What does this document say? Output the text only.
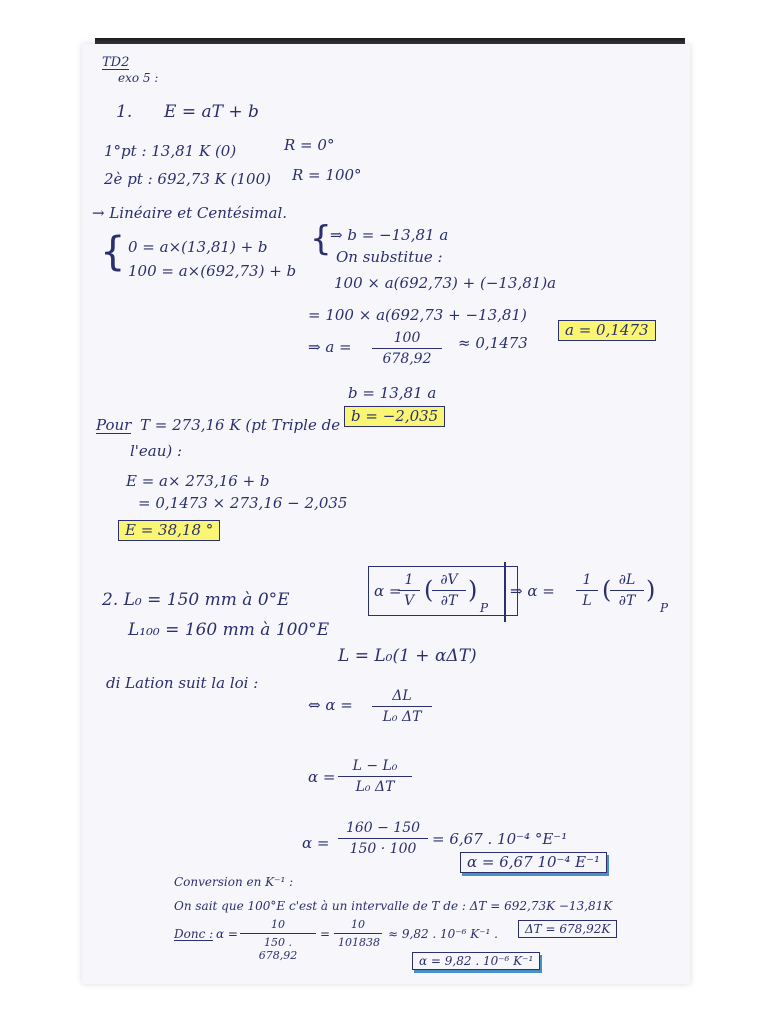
TD2
exo 5 :
1. E = aT + b
1°pt : 13,81 K (0)	R = 0°
2è pt : 692,73 K (100) R = 100°
→ Linéaire et Centésimal.
{ 0 = a×(13,81) + b
100 = a×(692,73) + b
{
⇒ b = −13,81 a
On substitue :
100 × a(692,73) + (−13,81)a
= 100 × a(692,73 + −13,81)
⇒ $a = \frac{100}{678,92} \approx 0,1473$
a = 0,1473
b = 13,81 a
b = −2,035
Pour T = 273,16 K (pt Triple de
l'eau) :
E = a× 273,16 + b
= 0,1473 × 273,16 − 2,035
E = 38,18 °
2. L₀ = 150 mm à 0°E
L₁₀₀ = 160 mm à 100°E
α =
$\frac{1}{V}$ (
$\frac{\partial V}{\partial T}$ )
P
⇒ $\alpha = \frac{1}{L}$ (
$\frac{\partial L}{\partial T}$ )
P
di Lation suit la loi :
L = L₀(1 + αΔT)
⇔ $\alpha = \frac{\Delta L}{\text{L₀ ΔT}}$
$\alpha = \frac{\text{L − L₀}}{\text{L₀ ΔT}}$
$\alpha = \frac{160 - 150}{150 \cdot 100} = 6,67$ . 10⁻⁴ °E⁻¹
α = 6,67 10⁻⁴ E⁻¹
Conversion en K⁻¹ :
On sait que 100°E c'est à un intervalle de T de : ΔT = 692,73K −13,81K
Donc : $\alpha = \frac{10}{150 . 678,92} = \frac{10}{101838} \approx 9,82$ . 10⁻⁶ K⁻¹ .	ΔT = 678,92K
α = 9,82 . 10⁻⁶ K⁻¹
